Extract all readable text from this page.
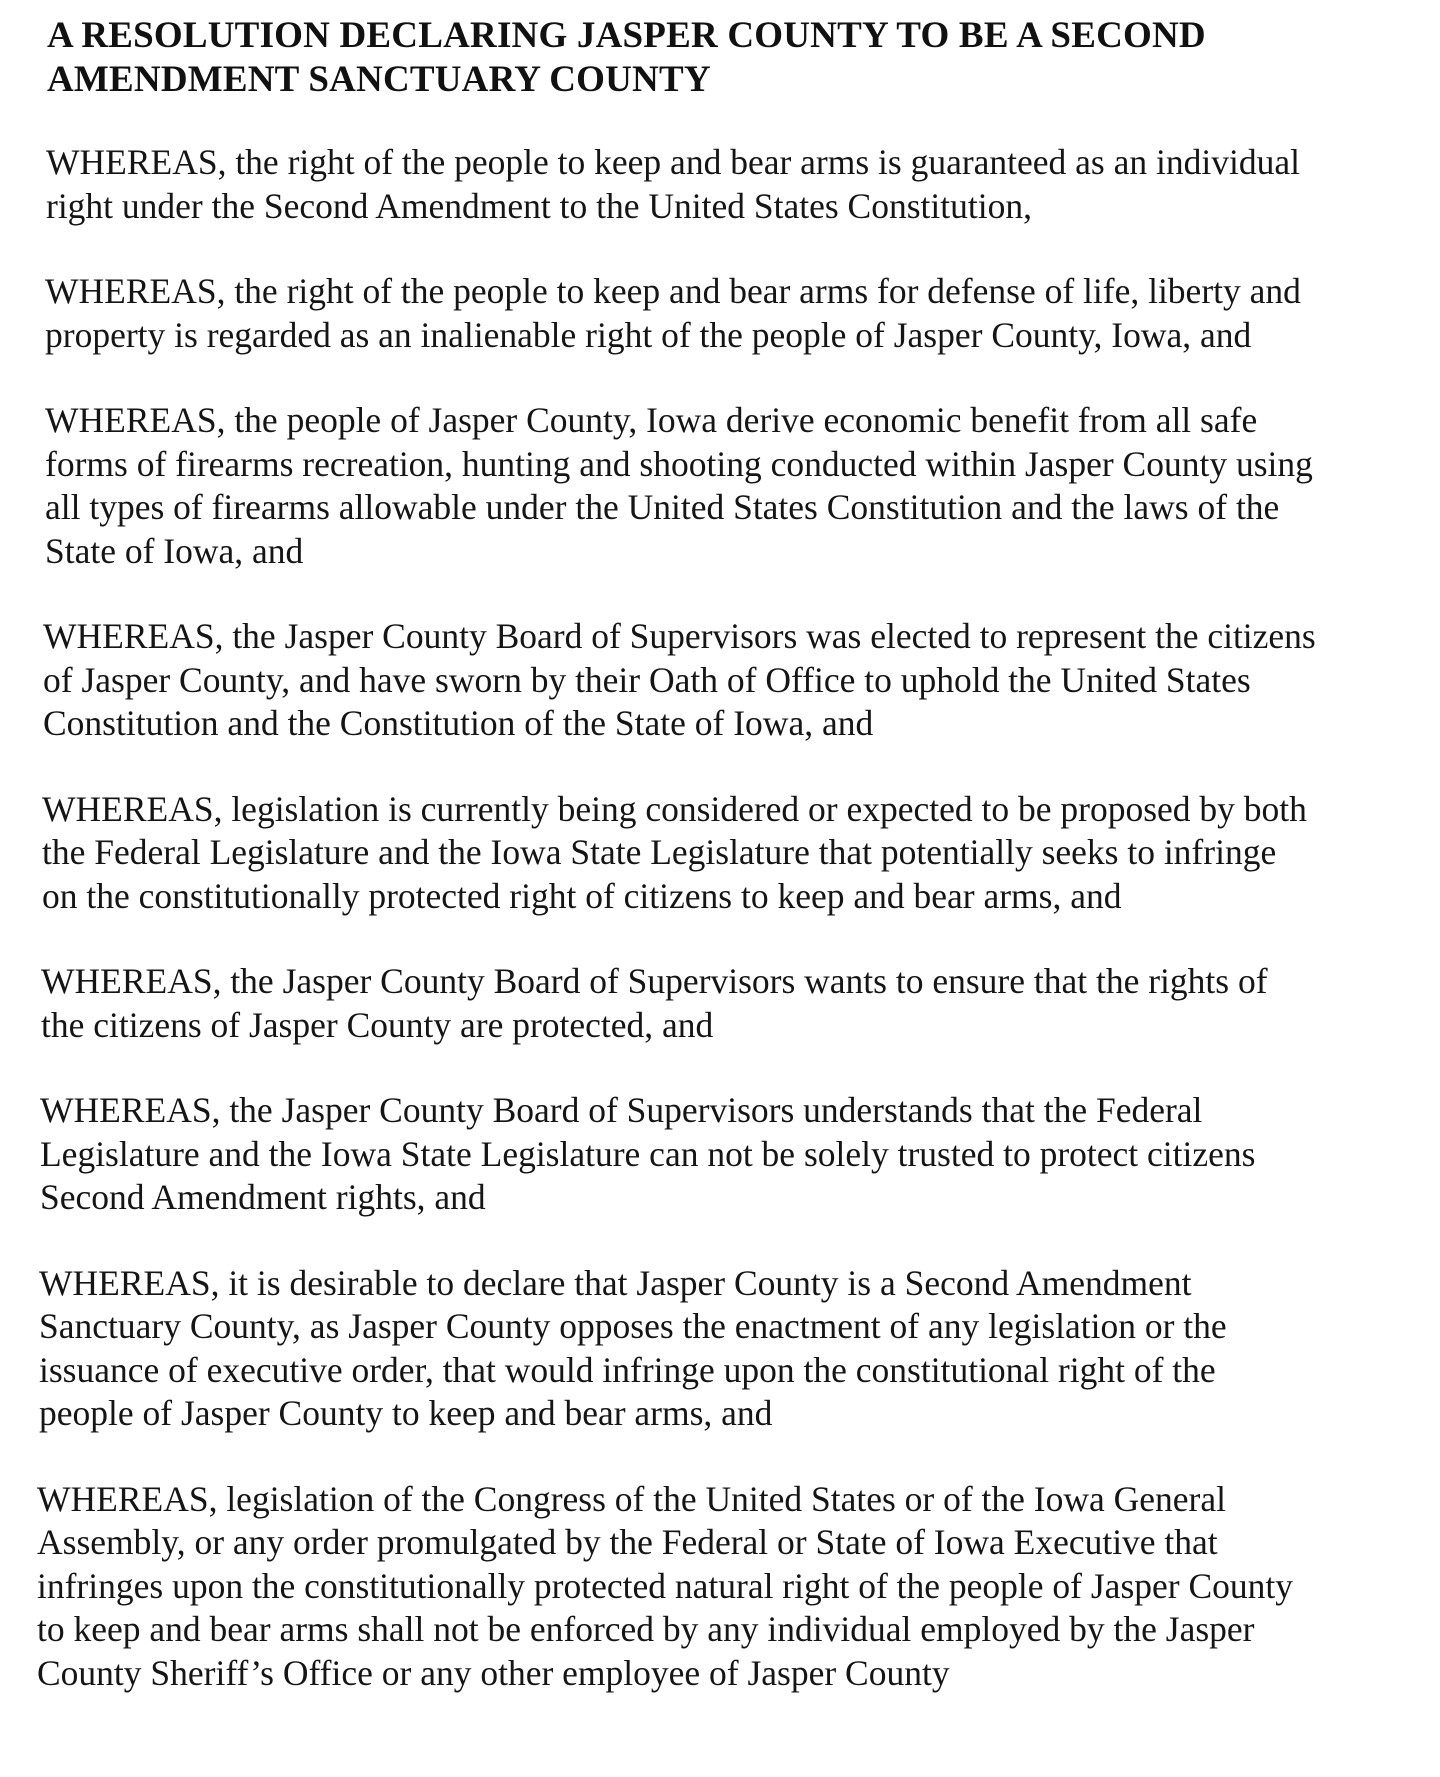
A RESOLUTION DECLARING JASPER COUNTY TO BE A SECOND
AMENDMENT SANCTUARY COUNTY
WHEREAS, the right of the people to keep and bear arms is guaranteed as an individual
right under the Second Amendment to the United States Constitution,
WHEREAS, the right of the people to keep and bear arms for defense of life, liberty and
property is regarded as an inalienable right of the people of Jasper County, Iowa, and
WHEREAS, the people of Jasper County, Iowa derive economic benefit from all safe
forms of firearms recreation, hunting and shooting conducted within Jasper County using
all types of firearms allowable under the United States Constitution and the laws of the
State of Iowa, and
WHEREAS, the Jasper County Board of Supervisors was elected to represent the citizens
of Jasper County, and have sworn by their Oath of Office to uphold the United States
Constitution and the Constitution of the State of Iowa, and
WHEREAS, legislation is currently being considered or expected to be proposed by both
the Federal Legislature and the Iowa State Legislature that potentially seeks to infringe
on the constitutionally protected right of citizens to keep and bear arms, and
WHEREAS, the Jasper County Board of Supervisors wants to ensure that the rights of
the citizens of Jasper County are protected, and
WHEREAS, the Jasper County Board of Supervisors understands that the Federal
Legislature and the Iowa State Legislature can not be solely trusted to protect citizens
Second Amendment rights, and
WHEREAS, it is desirable to declare that Jasper County is a Second Amendment
Sanctuary County, as Jasper County opposes the enactment of any legislation or the
issuance of executive order, that would infringe upon the constitutional right of the
people of Jasper County to keep and bear arms, and
WHEREAS, legislation of the Congress of the United States or of the Iowa General
Assembly, or any order promulgated by the Federal or State of Iowa Executive that
infringes upon the constitutionally protected natural right of the people of Jasper County
to keep and bear arms shall not be enforced by any individual employed by the Jasper
County Sheriff’s Office or any other employee of Jasper County
